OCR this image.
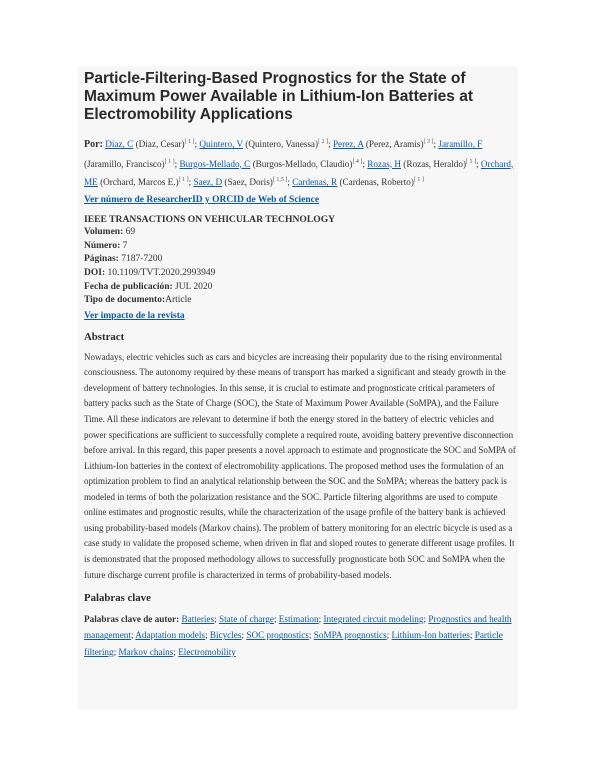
Particle-Filtering-Based Prognostics for the State of Maximum Power Available in Lithium-Ion Batteries at Electromobility Applications
Por: Diaz, C (Diaz, Cesar)[ 1 ]; Quintero, V (Quintero, Vanessa)[ 2 ]; Perez, A (Perez, Aramis)[ 3 ]; Jaramillo, F (Jaramillo, Francisco)[ 1 ]; Burgos-Mellado, C (Burgos-Mellado, Claudio)[ 4 ]; Rozas, H (Rozas, Heraldo)[ 1 ]; Orchard, ME (Orchard, Marcos E.)[ 1 ]; Saez, D (Saez, Doris)[ 1,5 ]; Cardenas, R (Cardenas, Roberto)[ 1 ]
Ver número de ResearcherID y ORCID de Web of Science
IEEE TRANSACTIONS ON VEHICULAR TECHNOLOGY
Volumen: 69
Número: 7
Páginas: 7187-7200
DOI: 10.1109/TVT.2020.2993949
Fecha de publicación: JUL 2020
Tipo de documento:Article
Ver impacto de la revista
Abstract

Nowadays, electric vehicles such as cars and bicycles are increasing their popularity due to the rising environmental consciousness. The autonomy required by these means of transport has marked a significant and steady growth in the development of battery technologies. In this sense, it is crucial to estimate and prognosticate critical parameters of battery packs such as the State of Charge (SOC), the State of Maximum Power Available (SoMPA), and the Failure Time. All these indicators are relevant to determine if both the energy stored in the battery of electric vehicles and power specifications are sufficient to successfully complete a required route, avoiding battery preventive disconnection before arrival. In this regard, this paper presents a novel approach to estimate and prognosticate the SOC and SoMPA of Lithium-Ion batteries in the context of electromobility applications. The proposed method uses the formulation of an optimization problem to find an analytical relationship between the SOC and the SoMPA; whereas the battery pack is modeled in terms of both the polarization resistance and the SOC. Particle filtering algorithms are used to compute online estimates and prognostic results, while the characterization of the usage profile of the battery bank is achieved using probability-based models (Markov chains). The problem of battery monitoring for an electric bicycle is used as a case study to validate the proposed scheme, when driven in flat and sloped routes to generate different usage profiles. It is demonstrated that the proposed methodology allows to successfully prognosticate both SOC and SoMPA when the future discharge current profile is characterized in terms of probability-based models.

Palabras clave
Palabras clave de autor: Batteries; State of charge; Estimation; Integrated circuit modeling; Prognostics and health management; Adaptation models; Bicycles; SOC prognostics; SoMPA prognostics; Lithium-Ion batteries; Particle filtering; Markov chains; Electromobility
